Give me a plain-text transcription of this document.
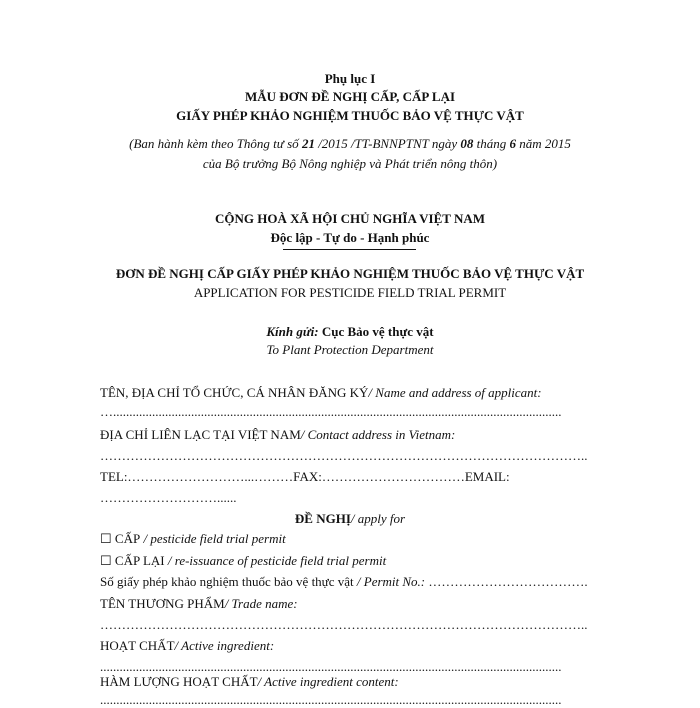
Phụ lục I
MẪU ĐƠN ĐỀ NGHỊ CẤP, CẤP LẠI
GIẤY PHÉP KHẢO NGHIỆM THUỐC BẢO VỆ THỰC VẬT
(Ban hành kèm theo Thông tư số 21 /2015 /TT-BNNPTNT ngày 08 tháng 6 năm 2015
của Bộ trưởng Bộ Nông nghiệp và Phát triển nông thôn)
CỘNG HOÀ XÃ HỘI CHỦ NGHĨA VIỆT NAM
Độc lập - Tự do - Hạnh phúc
ĐƠN ĐỀ NGHỊ CẤP GIẤY PHÉP KHẢO NGHIỆM THUỐC BẢO VỆ THỰC VẬT
APPLICATION FOR PESTICIDE FIELD TRIAL PERMIT
Kính gửi: Cục Bảo vệ thực vật
To Plant Protection Department
TÊN, ĐỊA CHỈ TỔ CHỨC, CÁ NHÂN ĐĂNG KÝ/ Name and address of applicant:
…..........................................................................................................................................
ĐỊA CHỈ LIÊN LẠC TẠI VIỆT NAM/ Contact address in Vietnam:
…………………………………………………………………………………………………..
TEL:………………………...………FAX:……………………………EMAIL:
………………………......
ĐỀ NGHỊ/ apply for
☐ CẤP / pesticide field trial permit
☐ CẤP LẠI / re-issuance of pesticide field trial permit
Số giấy phép khảo nghiệm thuốc bảo vệ thực vật / Permit No.: ……………………………….
TÊN THƯƠNG PHẨM/ Trade name:
…………………………………………………………………………………………………..
HOẠT CHẤT/ Active ingredient:
..............................................................................................................................................
HÀM LƯỢNG HOẠT CHẤT/ Active ingredient content:
..............................................................................................................................................
